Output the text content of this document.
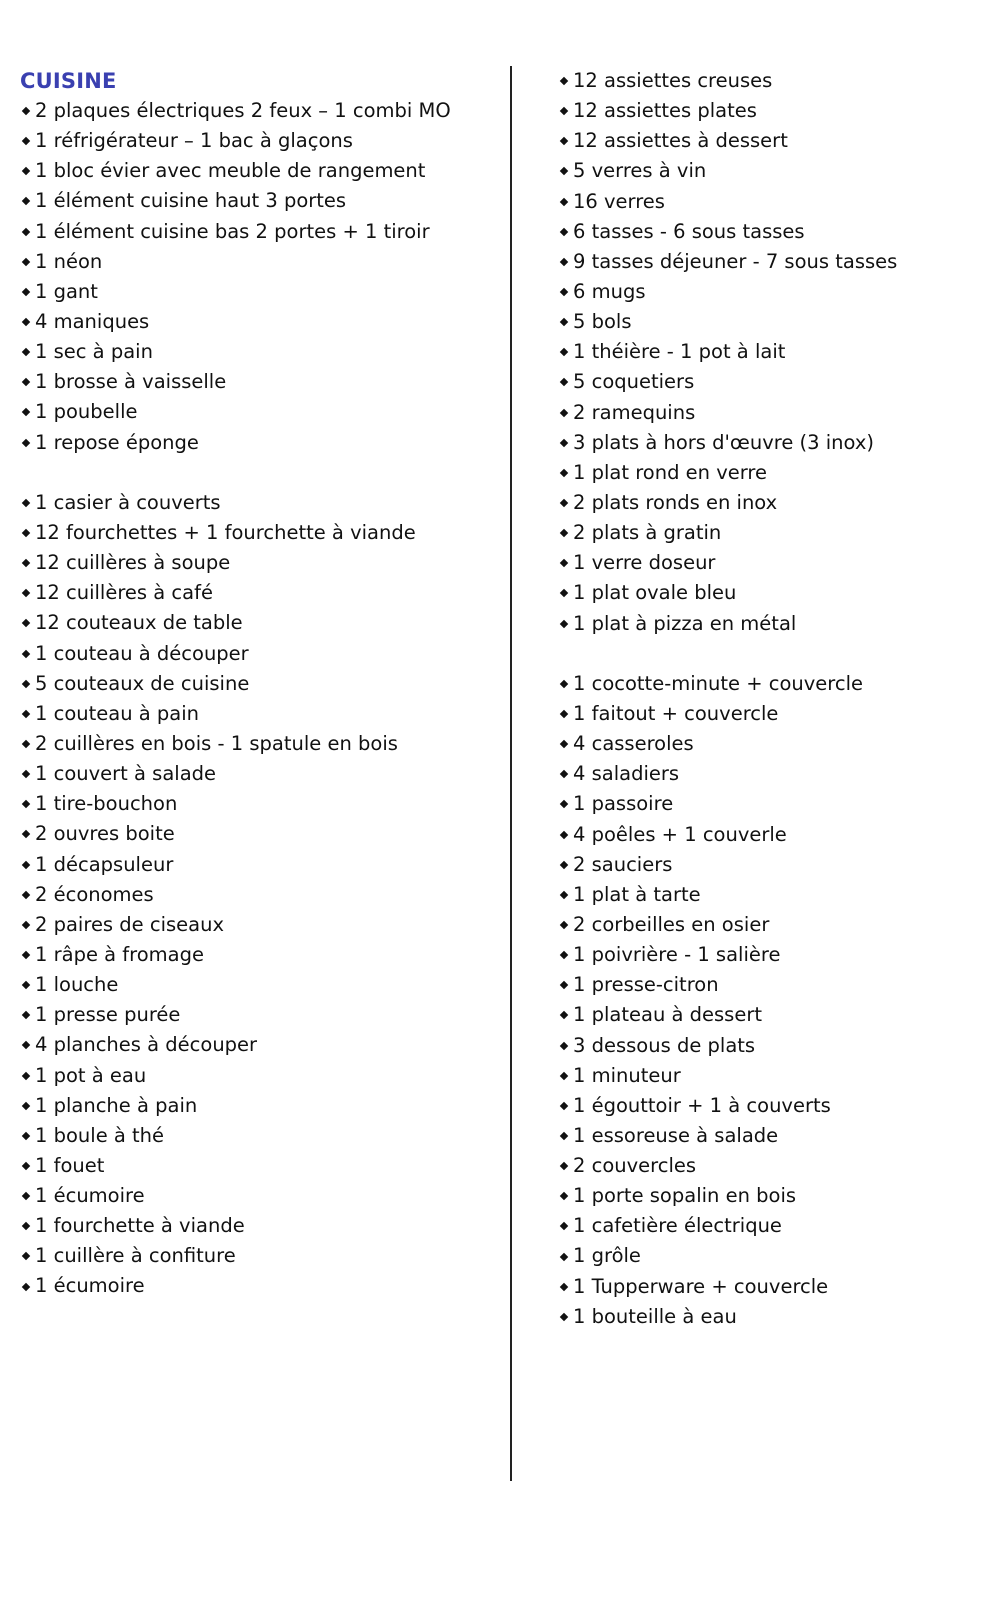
CUISINE
2 plaques électriques 2 feux – 1 combi MO
1 réfrigérateur – 1 bac à glaçons
1 bloc évier avec meuble de rangement
1 élément cuisine haut 3 portes
1 élément cuisine bas 2 portes + 1 tiroir
1 néon
1 gant
4 maniques
1 sec à pain
1 brosse à vaisselle
1 poubelle
1 repose éponge
1 casier à couverts
12 fourchettes + 1 fourchette à viande
12 cuillères à soupe
12 cuillères à café
12 couteaux de table
1 couteau à découper
5 couteaux de cuisine
1 couteau à pain
2 cuillères en bois - 1 spatule en bois
1 couvert à salade
1 tire-bouchon
2 ouvres boite
1 décapsuleur
2 économes
2 paires de ciseaux
1 râpe à fromage
1 louche
1 presse purée
4 planches à découper
1 pot à eau
1 planche à pain
1 boule à thé
1 fouet
1 écumoire
1 fourchette à viande
1 cuillère à confiture
1 écumoire
12 assiettes creuses
12 assiettes plates
12 assiettes à dessert
5 verres à vin
16 verres
6 tasses - 6 sous tasses
9 tasses déjeuner - 7 sous tasses
6 mugs
5 bols
1 théière - 1 pot à lait
5 coquetiers
2 ramequins
3 plats à hors d'œuvre (3 inox)
1 plat rond en verre
2 plats ronds en inox
2 plats à gratin
1 verre doseur
1 plat ovale bleu
1 plat à pizza en métal
1 cocotte-minute + couvercle
1 faitout + couvercle
4 casseroles
4 saladiers
1 passoire
4 poêles + 1 couverle
2 sauciers
1 plat à tarte
2 corbeilles en osier
1 poivrière - 1 salière
1 presse-citron
1 plateau à dessert
3 dessous de plats
1 minuteur
1 égouttoir + 1 à couverts
1 essoreuse à salade
2 couvercles
1 porte sopalin en bois
1 cafetière électrique
1 grôle
1 Tupperware + couvercle
1 bouteille à eau
